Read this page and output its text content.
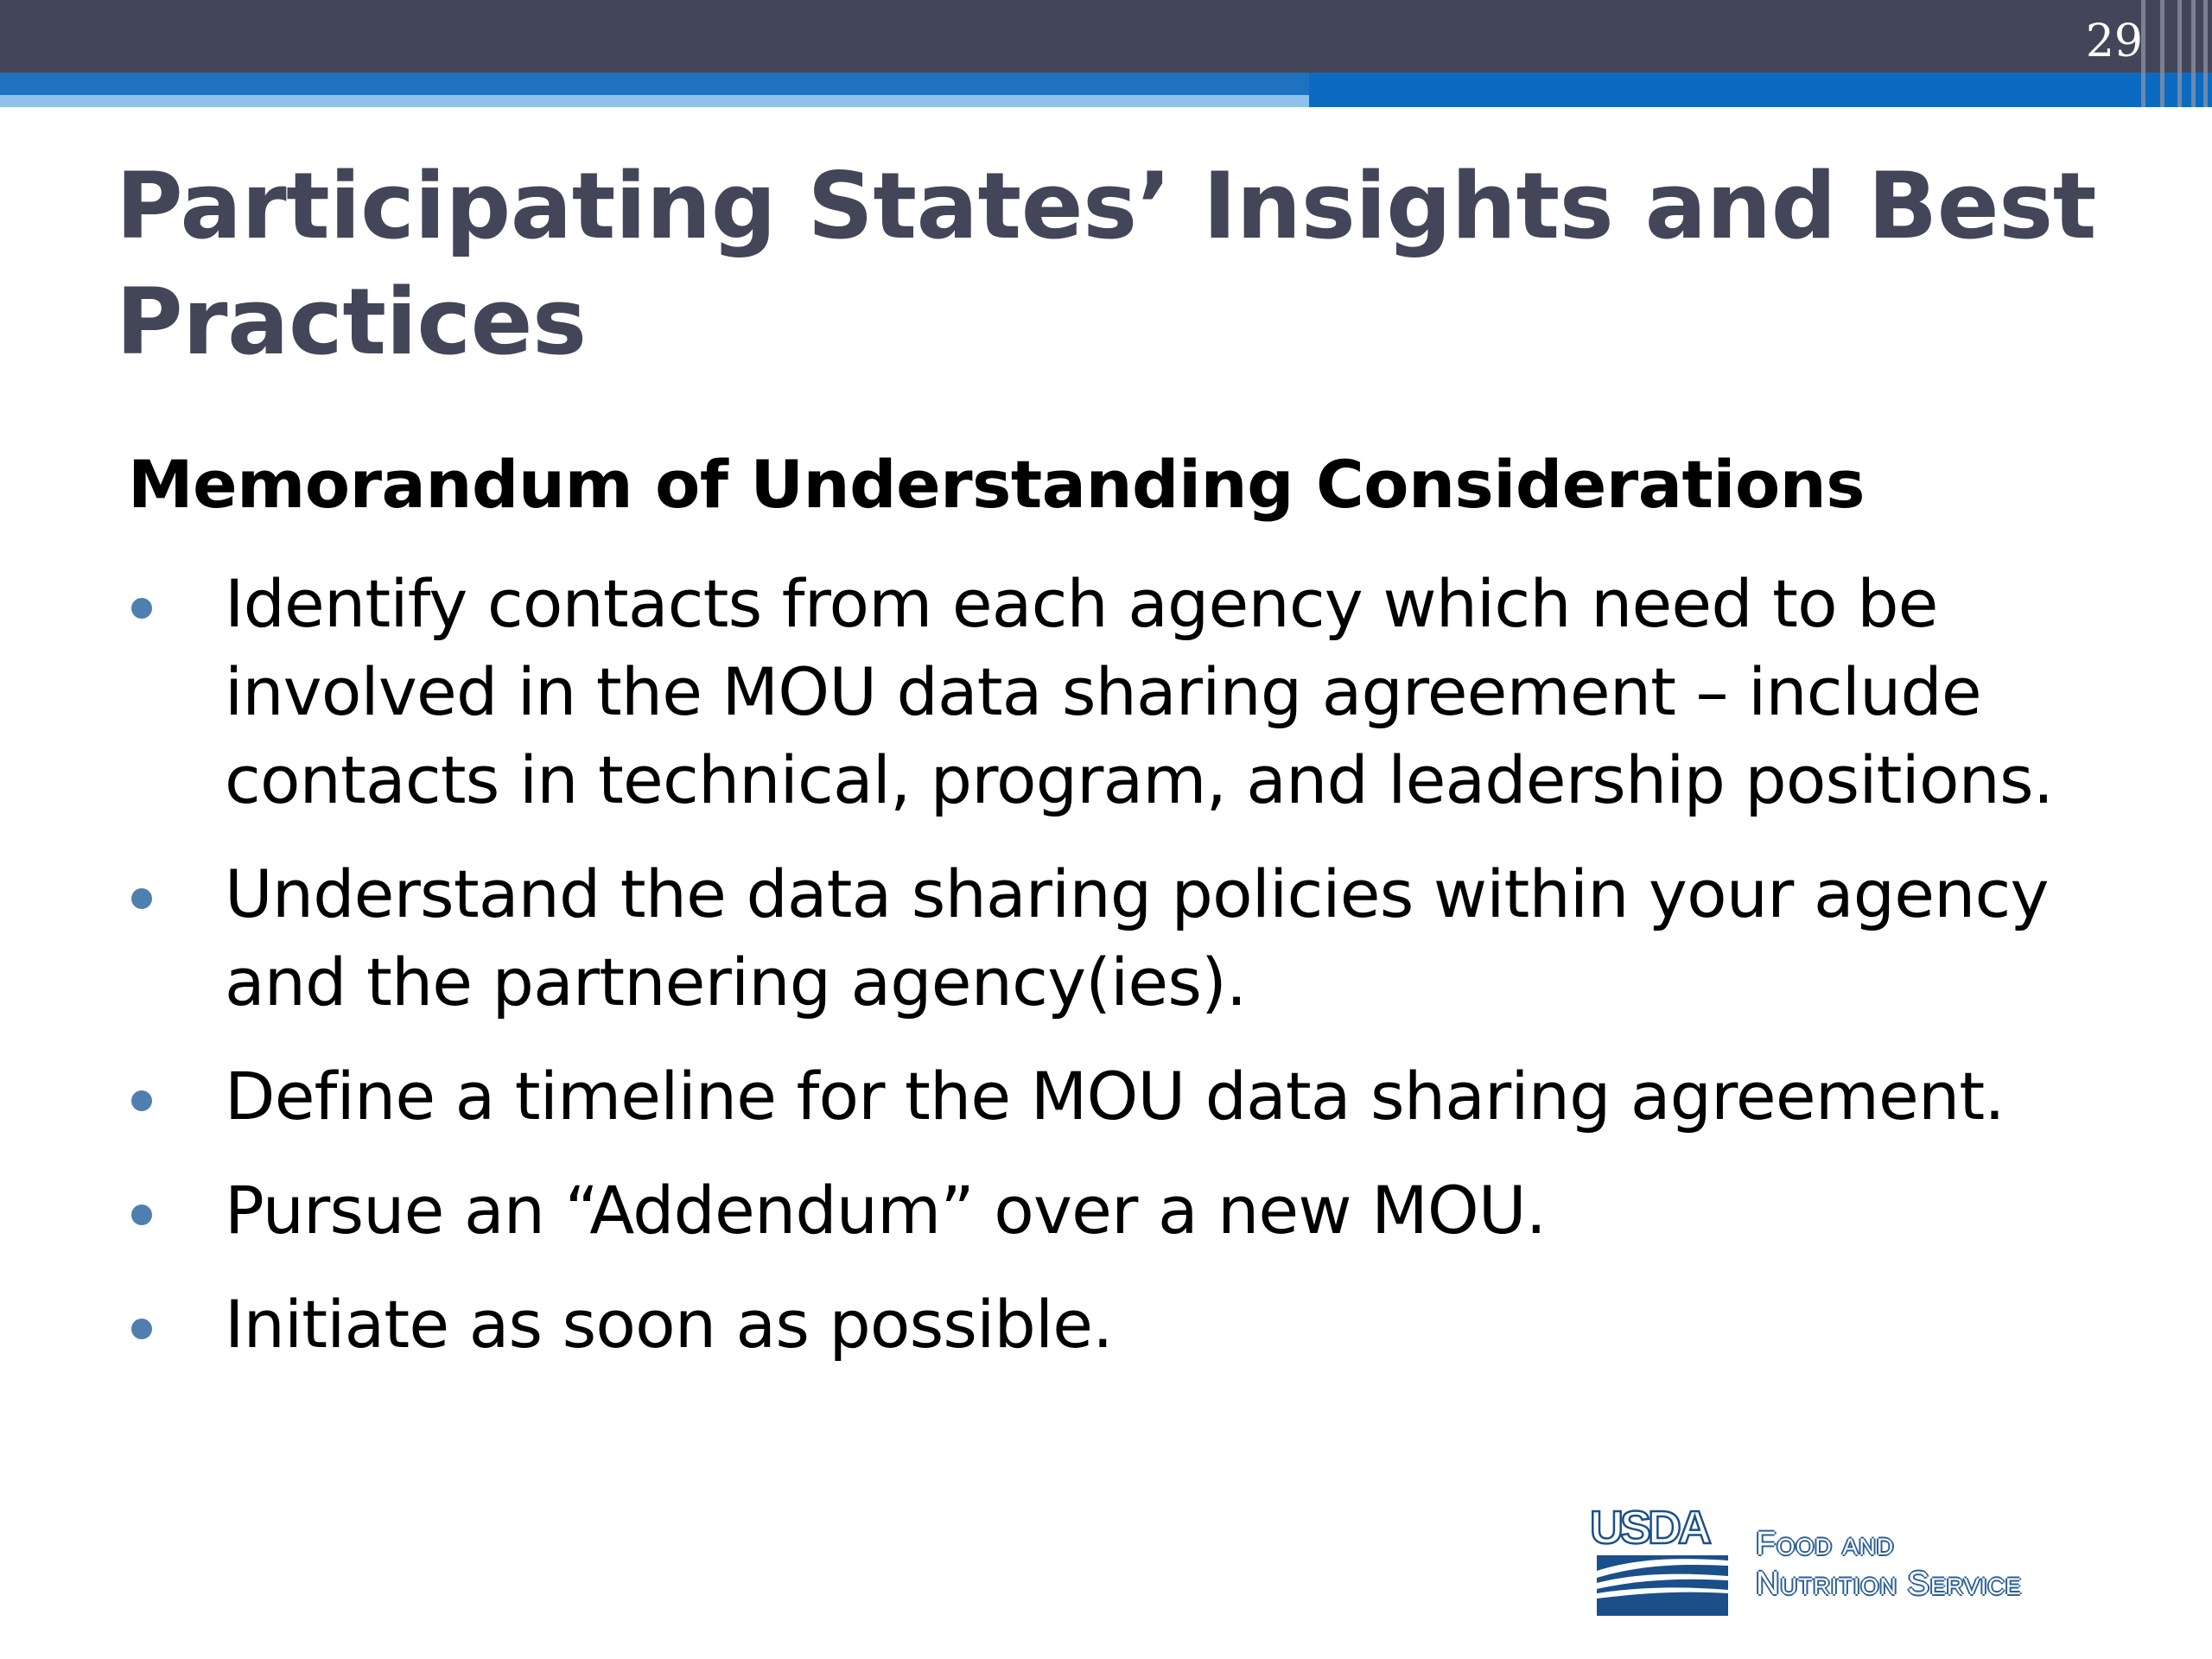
29
Participating States’ Insights and Best Practices
Memorandum of Understanding Considerations
Identify contacts from each agency which need to be involved in the MOU data sharing agreement – include contacts in technical, program, and leadership positions.
Understand the data sharing policies within your agency and the partnering agency(ies).
Define a timeline for the MOU data sharing agreement.
Pursue an “Addendum” over a new MOU.
Initiate as soon as possible.
USDA Food and
Nutrition Service
